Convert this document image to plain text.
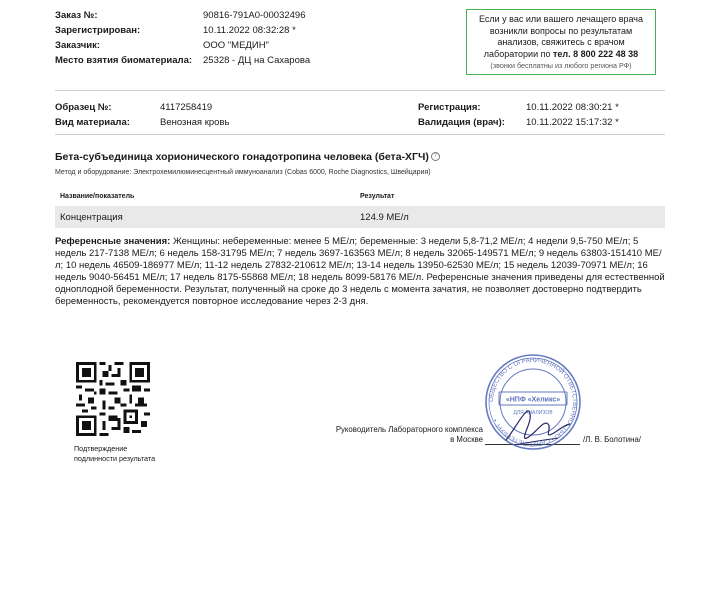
Заказ №:	90816-791A0-00032496
Зарегистрирован:	10.11.2022 08:32:28 *
Заказчик:	ООО "МЕДИН"
Место взятия биоматериала: 25328 - ДЦ на Сахарова
Если у вас или вашего лечащего врача
возникли вопросы по результатам
анализов, свяжитесь с врачом
лаборатории по тел. 8 800 222 48 38
(звонки бесплатны из любого региона РФ)
Образец №:	4117258419
Вид материала:	Венозная кровь
Регистрация:	10.11.2022 08:30:21 *
Валидация (врач): 10.11.2022 15:17:32 *
Бета-субъединица хорионического гонадотропина человека (бета-ХГЧ) ?
Метод и оборудование: Электрохемилюминесцентный иммуноанализ (Cobas 6000, Roche Diagnostics, Швейцария)
Название/показатель	Результат
Концентрация	124.9 МЕ/л
Референсные значения: Женщины: небеременные: менее 5 МЕ/л; беременные: 3 недели 5,8-71,2 МЕ/л; 4 недели 9,5-750 МЕ/л; 5 недель 217-7138 МЕ/л; 6 недель 158-31795 МЕ/л; 7 недель 3697-163563 МЕ/л; 8 недель 32065-149571 МЕ/л; 9 недель 63803-151410 МЕ/л; 10 недель 46509-186977 МЕ/л; 11-12 недель 27832-210612 МЕ/л; 13-14 недель 13950-62530 МЕ/л; 15 недель 12039-70971 МЕ/л; 16 недель 9040-56451 МЕ/л; 17 недель 8175-55868 МЕ/л; 18 недель 8099-58176 МЕ/л. Референсные значения приведены для естественной одноплодной беременности. Результат, полученный на сроке до 3 недель с момента зачатия, не позволяет достоверно подтвердить беременность, рекомендуется повторное исследование через 2-3 дня.
Подтверждение
подлинности результата
Руководитель Лабораторного комплекса
в Москве	/Л. В. Болотина/
ОБЩЕСТВО С ОГРАНИЧЕННОЙ ОТВЕТСТВЕННОСТЬЮ • САНКТ-ПЕТЕРБУРГ •
«НПФ «Хеликс»
ДЛЯ АНАЛИЗОВ
